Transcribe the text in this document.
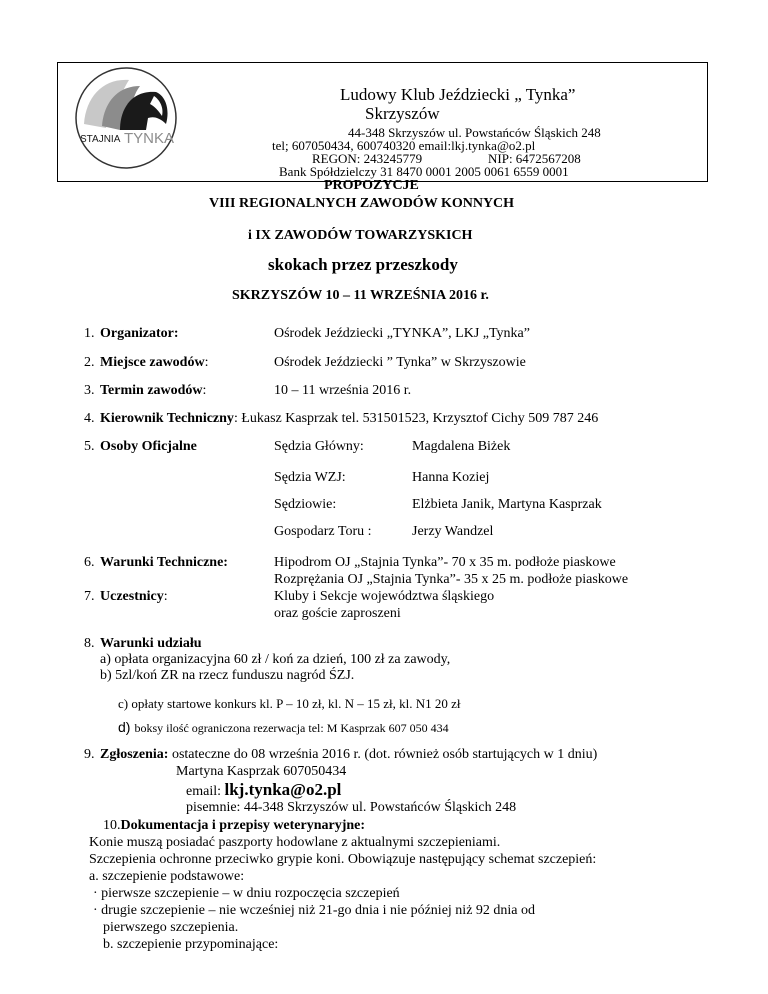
STAJNIA TYNKA
Ludowy Klub Jeździecki „ Tynka”
Skrzyszów
44-348 Skrzyszów ul. Powstańców Śląskich 248
tel; 607050434, 600740320 email:lkj.tynka@o2.pl
REGON: 243245779	NIP: 6472567208
Bank Spółdzielczy 31 8470 0001 2005 0061 6559 0001
PROPOZYCJE
VIII REGIONALNYCH ZAWODÓW KONNYCH
i IX ZAWODÓW TOWARZYSKICH
skokach przez przeszkody
SKRZYSZÓW 10 – 11 WRZEŚNIA 2016 r.
1. Organizator:	Ośrodek Jeździecki „TYNKA”, LKJ „Tynka”
2. Miejsce zawodów:	Ośrodek Jeździecki ” Tynka” w Skrzyszowie
3. Termin zawodów:	10 – 11 września 2016 r.
4. Kierownik Techniczny: Łukasz Kasprzak tel. 531501523, Krzysztof Cichy 509 787 246
5. Osoby Oficjalne	Sędzia Główny:	Magdalena Biżek
Sędzia WZJ:	Hanna Koziej
Sędziowie:	Elżbieta Janik, Martyna Kasprzak
Gospodarz Toru :	Jerzy Wandzel
6. Warunki Techniczne:	Hipodrom OJ „Stajnia Tynka”- 70 x 35 m. podłoże piaskowe
Rozprężania OJ „Stajnia Tynka”- 35 x 25 m. podłoże piaskowe
7. Uczestnicy:	Kluby i Sekcje województwa śląskiego
oraz goście zaproszeni
8. Warunki udziału
a) opłata organizacyjna 60 zł / koń za dzień, 100 zł za zawody,
b) 5zl/koń ZR na rzecz funduszu nagród ŚZJ.
c) opłaty startowe konkurs kl. P – 10 zł, kl. N – 15 zł, kl. N1 20 zł
d) boksy ilość ograniczona rezerwacja tel: M Kasprzak 607 050 434
9. Zgłoszenia: ostateczne do 08 września 2016 r. (dot. również osób startujących w 1 dniu)
Martyna Kasprzak 607050434
email: lkj.tynka@o2.pl
pisemnie: 44-348 Skrzyszów ul. Powstańców Śląskich 248
10.Dokumentacja i przepisy weterynaryjne:
Konie muszą posiadać paszporty hodowlane z aktualnymi szczepieniami.
Szczepienia ochronne przeciwko grypie koni. Obowiązuje następujący schemat szczepień:
a. szczepienie podstawowe:
· pierwsze szczepienie – w dniu rozpoczęcia szczepień
· drugie szczepienie – nie wcześniej niż 21-go dnia i nie później niż 92 dnia od
pierwszego szczepienia.
b. szczepienie przypominające:
